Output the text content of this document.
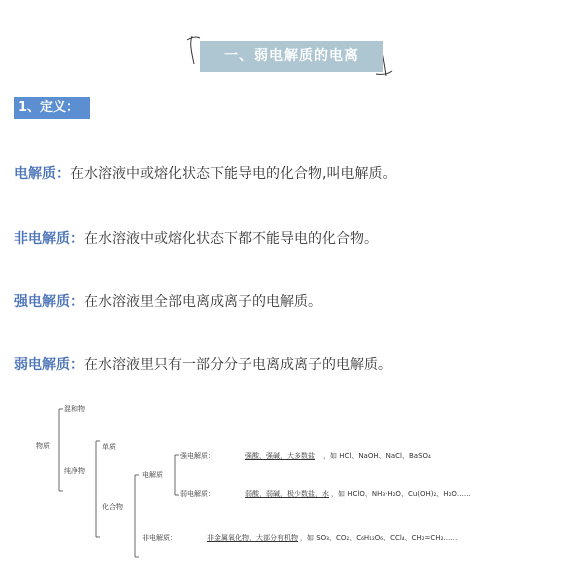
一、弱电解质的电离
1、定义：
电解质：在水溶液中或熔化状态下能导电的化合物,叫电解质。
非电解质：在水溶液中或熔化状态下都不能导电的化合物。
强电解质：在水溶液里全部电离成离子的电解质。
弱电解质：在水溶液里只有一部分分子电离成离子的电解质。
物质
混和物
纯净物
单质
化合物
电解质
强电解质：	强酸，强碱，大多数盐 ，如 HCl、NaOH、NaCl、BaSO₄
弱电解质：	弱酸，弱碱，极少数盐，水 ，如 HClO、NH₃·H₂O、Cu(OH)₂、H₂O……
非电解质：	非金属氧化物，大部分有机物 ，如 SO₃、CO₂、C₆H₁₂O₆、CCl₄、CH₂=CH₂……
